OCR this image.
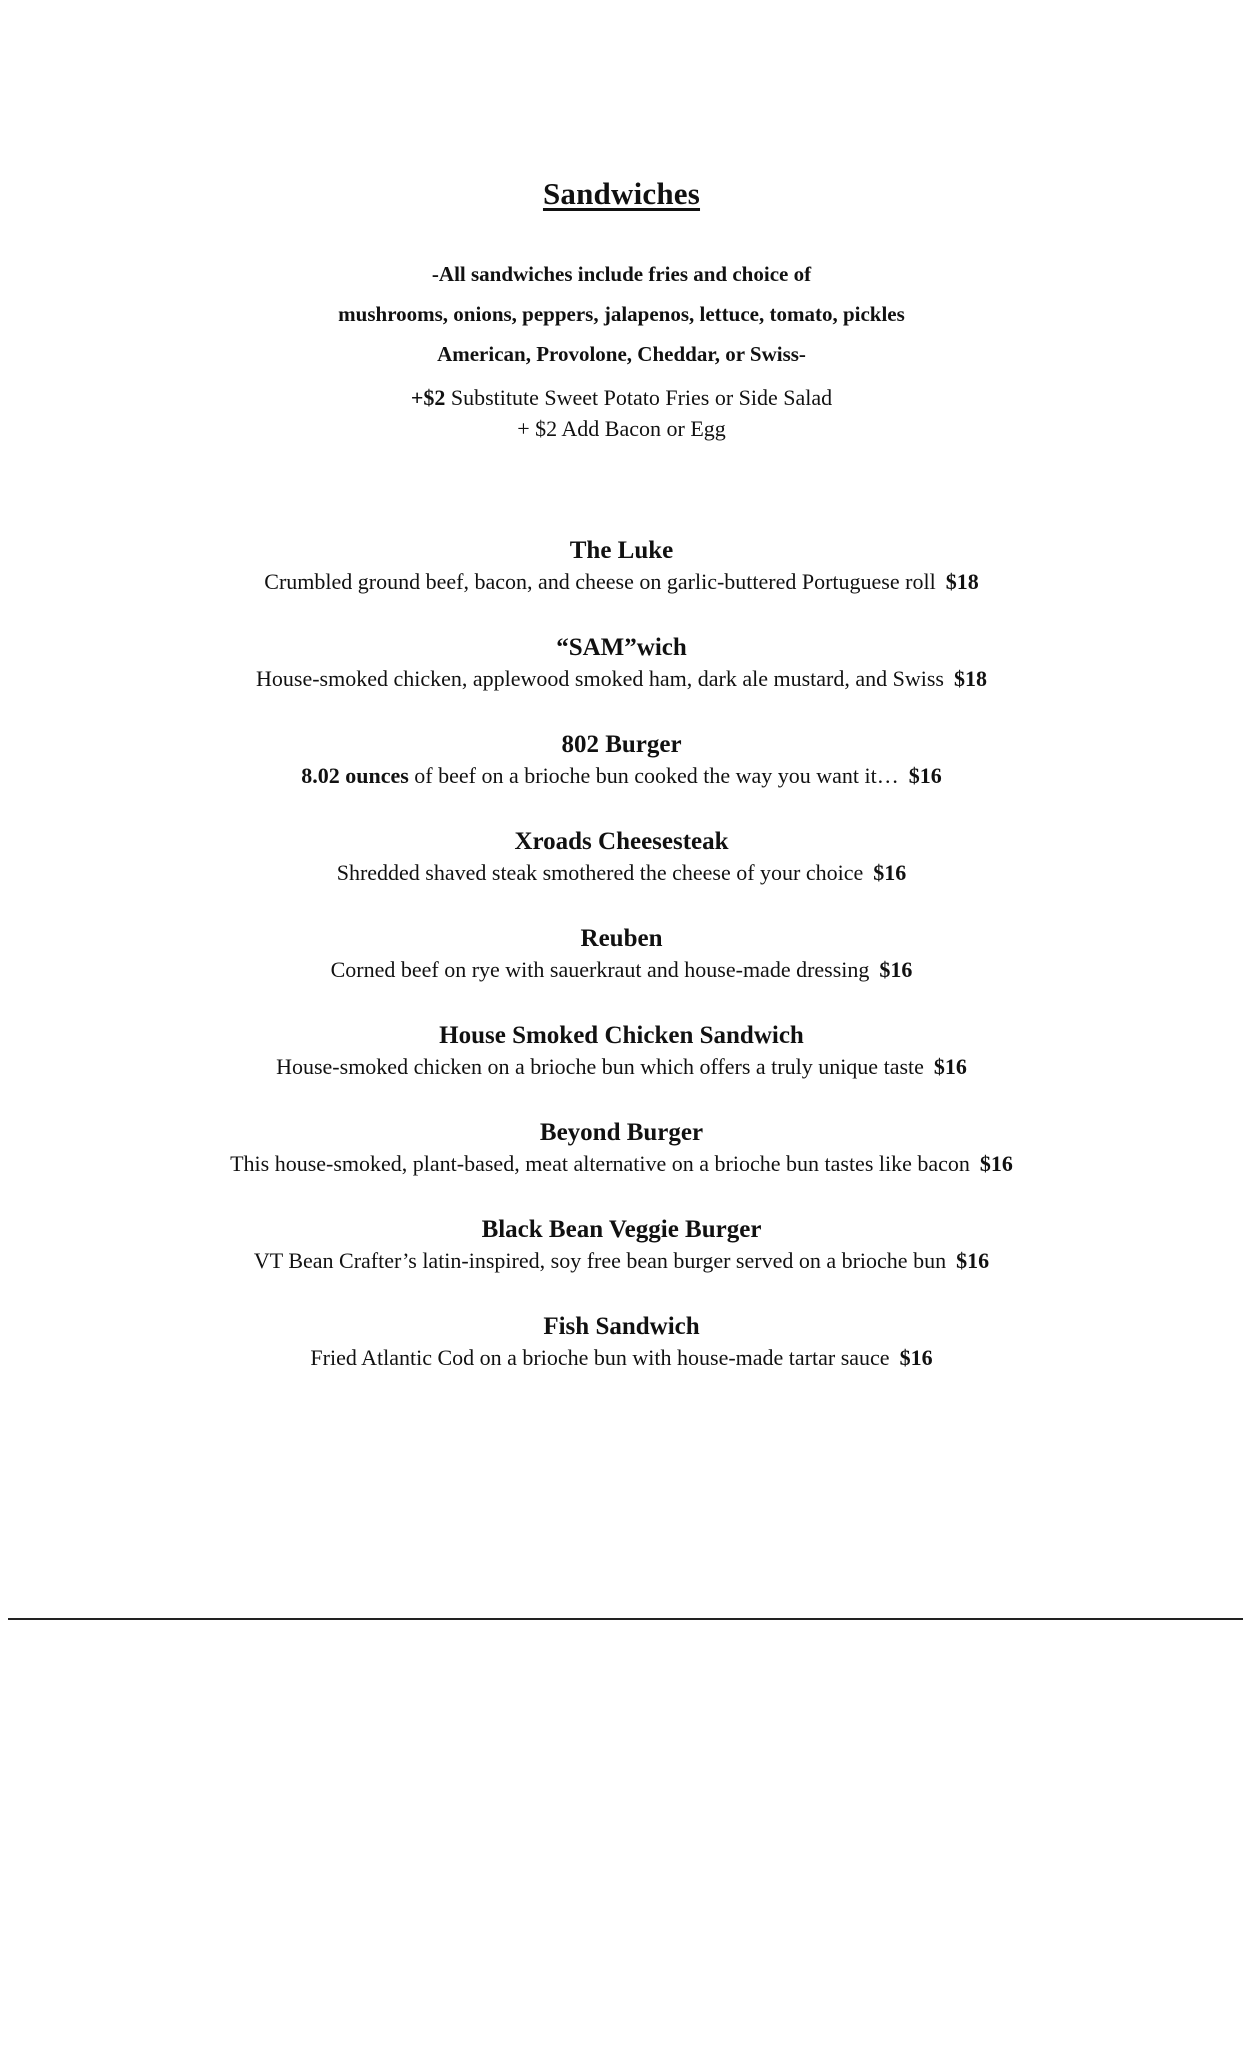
Sandwiches

-All sandwiches include fries and choice of

mushrooms, onions, peppers, jalapenos, lettuce, tomato, pickles

American, Provolone, Cheddar, or Swiss-

+$2 Substitute Sweet Potato Fries or Side Salad

+ $2 Add Bacon or Egg

The Luke
Crumbled ground beef, bacon, and cheese on garlic-buttered Portuguese roll $18
“SAM”wich
House-smoked chicken, applewood smoked ham, dark ale mustard, and Swiss $18
802 Burger
8.02 ounces of beef on a brioche bun cooked the way you want it… $16
Xroads Cheesesteak
Shredded shaved steak smothered the cheese of your choice $16
Reuben
Corned beef on rye with sauerkraut and house-made dressing $16
House Smoked Chicken Sandwich
House-smoked chicken on a brioche bun which offers a truly unique taste $16
Beyond Burger
This house-smoked, plant-based, meat alternative on a brioche bun tastes like bacon $16
Black Bean Veggie Burger
VT Bean Crafter’s latin-inspired, soy free bean burger served on a brioche bun $16
Fish Sandwich
Fried Atlantic Cod on a brioche bun with house-made tartar sauce $16
